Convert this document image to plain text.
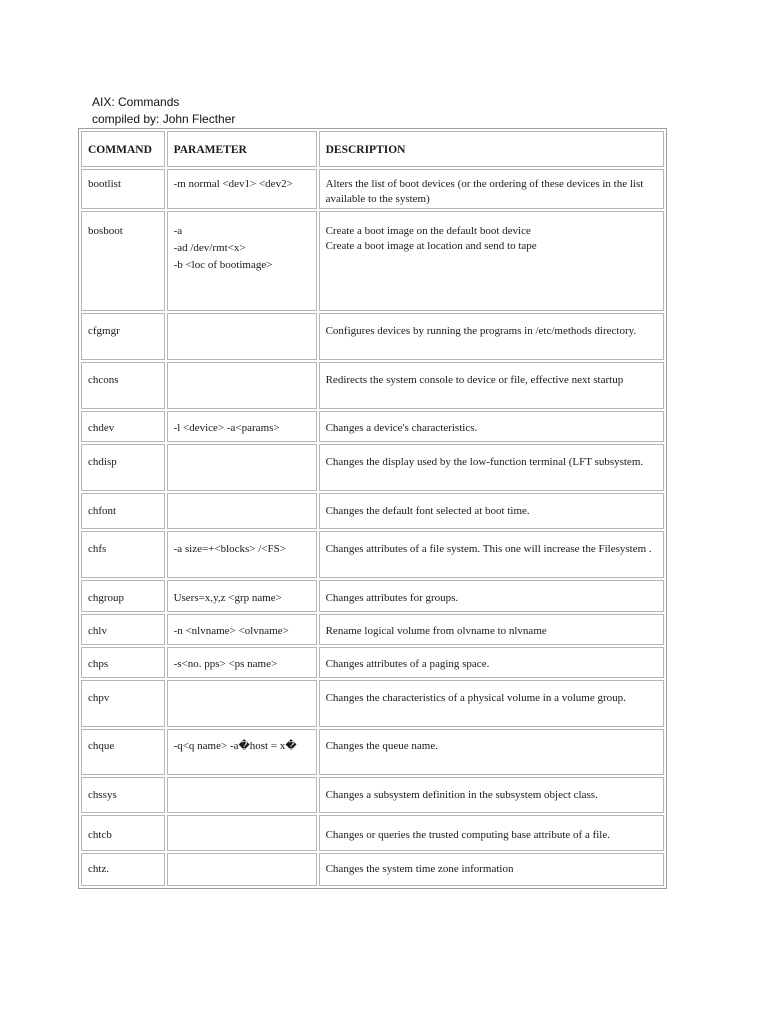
AIX: Commands
compiled by: John Flecther
COMMAND	PARAMETER	DESCRIPTION
bootlist	-m normal <dev1> <dev2>	Alters the list of boot devices (or the ordering of these devices in the list available to the system)
bosboot	-a
-ad /dev/rmt<x>
-b <loc of bootimage>	Create a boot image on the default boot device
Create a boot image at location and send to tape

cfgmgr		Configures devices by running the programs in /etc/methods directory.
chcons		Redirects the system console to device or file, effective next startup
chdev	-l <device> -a<params>	Changes a device's characteristics.
chdisp		Changes the display used by the low-function terminal (LFT subsystem.
chfont		Changes the default font selected at boot time.
chfs	-a size=+<blocks> /<FS>	Changes attributes of a file system. This one will increase the Filesystem .
chgroup	Users=x,y,z <grp name>	Changes attributes for groups.
chlv	-n <nlvname> <olvname>	Rename logical volume from olvname to nlvname
chps	-s<no. pps> <ps name>	Changes attributes of a paging space.
chpv		Changes the characteristics of a physical volume in a volume group.
chque	-q<q name> -a�host = x�	Changes the queue name.
chssys		Changes a subsystem definition in the subsystem object class.
chtcb		Changes or queries the trusted computing base attribute of a file.
chtz.		Changes the system time zone information
